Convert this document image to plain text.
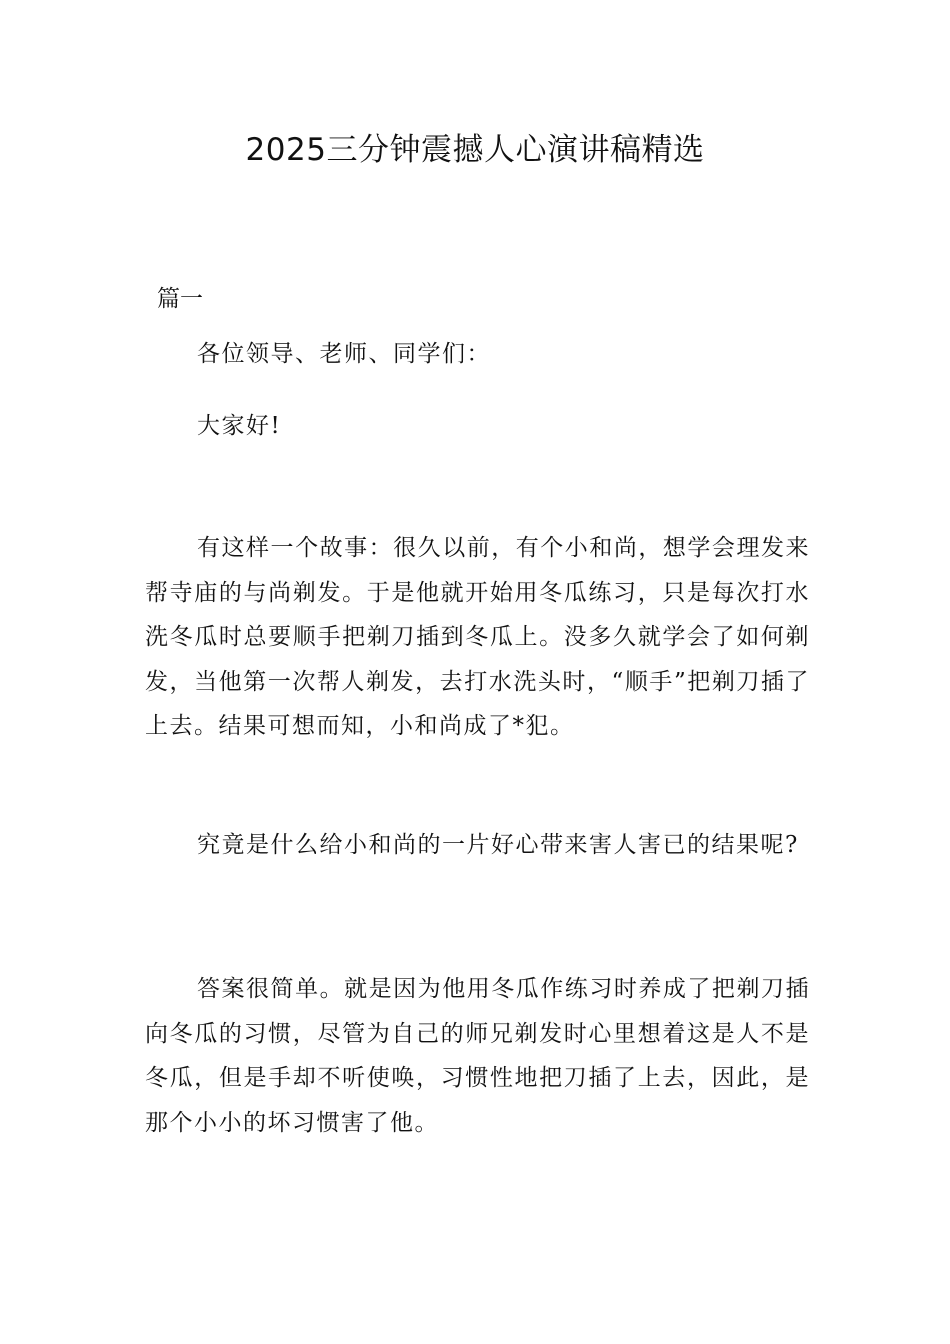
2025三分钟震撼人心演讲稿精选
篇一

各位领导、老师、同学们：

大家好!

有这样一个故事：很久以前，有个小和尚，想学会理发来帮寺庙的与尚剃发。于是他就开始用冬瓜练习，只是每次打水洗冬瓜时总要顺手把剃刀插到冬瓜上。没多久就学会了如何剃发，当他第一次帮人剃发，去打水洗头时，“顺手”把剃刀插了上去。结果可想而知，小和尚成了*犯。

究竟是什么给小和尚的一片好心带来害人害已的结果呢?

答案很简单。就是因为他用冬瓜作练习时养成了把剃刀插向冬瓜的习惯，尽管为自己的师兄剃发时心里想着这是人不是冬瓜，但是手却不听使唤，习惯性地把刀插了上去，因此，是那个小小的坏习惯害了他。
